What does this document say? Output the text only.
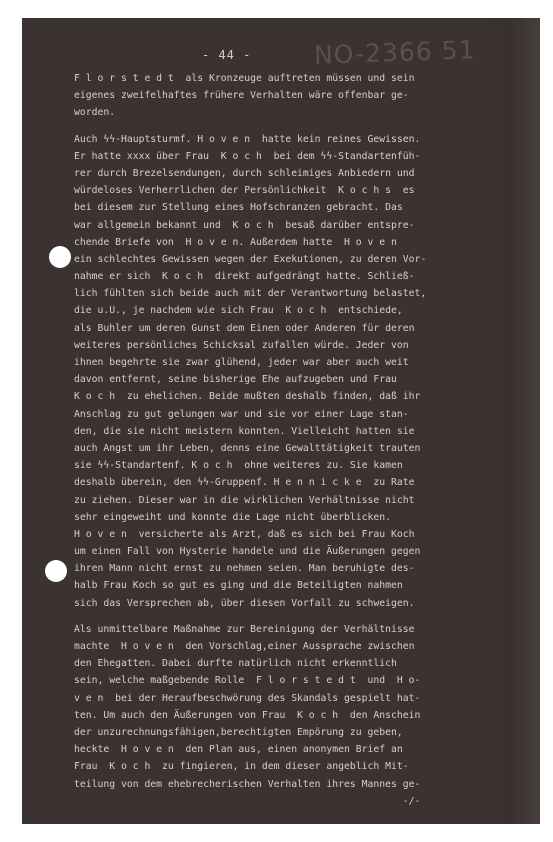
- 44 - NO-2366 51
F l o r s t e d t  als Kronzeuge auftreten müssen und sein
eigenes zweifelhaftes frühere Verhalten wäre offenbar ge-
worden.
Auch ϟϟ-Hauptsturmf. H o v e n  hatte kein reines Gewissen.
Er hatte xxxx über Frau  K o c h  bei dem ϟϟ-Standartenfüh-
rer durch Brezelsendungen, durch schleimiges Anbiedern und
würdeloses Verherrlichen der Persönlichkeit  K o c h s  es
bei diesem zur Stellung eines Hofschranzen gebracht. Das
war allgemein bekannt und  K o c h  besaß darüber entspre-
chende Briefe von  H o v e n. Außerdem hatte  H o v e n
ein schlechtes Gewissen wegen der Exekutionen, zu deren Vor-
nahme er sich  K o c h  direkt aufgedrängt hatte. Schließ-
lich fühlten sich beide auch mit der Verantwortung belastet,
die u.U., je nachdem wie sich Frau  K o c h  entschiede,
als Buhler um deren Gunst dem Einen oder Anderen für deren
weiteres persönliches Schicksal zufallen würde. Jeder von
ihnen begehrte sie zwar glühend, jeder war aber auch weit
davon entfernt, seine bisherige Ehe aufzugeben und Frau
K o c h  zu ehelichen. Beide mußten deshalb finden, daß ihr
Anschlag zu gut gelungen war und sie vor einer Lage stan-
den, die sie nicht meistern konnten. Vielleicht hatten sie
auch Angst um ihr Leben, denns eine Gewalttätigkeit trauten
sie ϟϟ-Standartenf. K o c h  ohne weiteres zu. Sie kamen
deshalb überein, den ϟϟ-Gruppenf. H e n n i c k e  zu Rate
zu ziehen. Dieser war in die wirklichen Verhältnisse nicht
sehr eingeweiht und konnte die Lage nicht überblicken.
H o v e n  versicherte als Arzt, daß es sich bei Frau Koch
um einen Fall von Hysterie handele und die Äußerungen gegen
ihren Mann nicht ernst zu nehmen seien. Man beruhigte des-
halb Frau Koch so gut es ging und die Beteiligten nahmen
sich das Versprechen ab, über diesen Vorfall zu schweigen.
Als unmittelbare Maßnahme zur Bereinigung der Verhältnisse
machte  H o v e n  den Vorschlag,einer Aussprache zwischen
den Ehegatten. Dabei durfte natürlich nicht erkenntlich
sein, welche maßgebende Rolle  F l o r s t e d t  und  H o-
v e n  bei der Heraufbeschwörung des Skandals gespielt hat-
ten. Um auch den Äußerungen von Frau  K o c h  den Anschein
der unzurechnungsfähigen,berechtigten Empörung zu geben,
heckte  H o v e n  den Plan aus, einen anonymen Brief an
Frau  K o c h  zu fingieren, in dem dieser angeblich Mit-
teilung von dem ehebrecherischen Verhalten ihres Mannes ge-
-/-
